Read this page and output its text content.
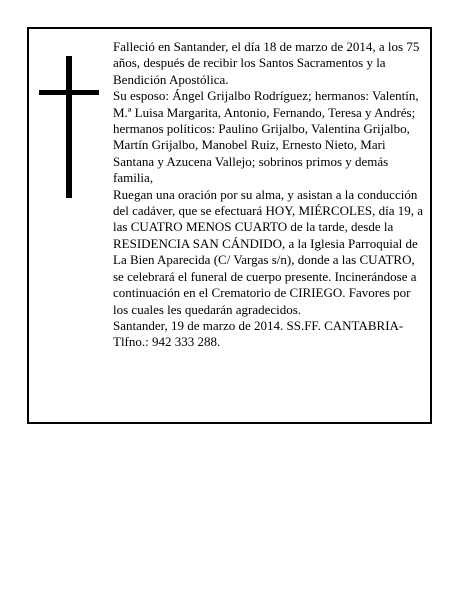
Falleció en Santander, el día 18 de marzo de 2014, a los 75 años, después de recibir los Santos Sacramentos y la Bendición Apostólica.

Su esposo: Ángel Grijalbo Rodríguez; hermanos: Valentín, M.ª Luisa Margarita, Antonio, Fernando, Teresa y Andrés; hermanos políticos: Paulino Grijalbo, Valentina Grijalbo, Martín Grijalbo, Manobel Ruiz, Ernesto Nieto, Mari Santana y Azucena Vallejo; sobrinos primos y demás familia,

Ruegan una oración por su alma, y asistan a la conducción del cadáver, que se efectuará HOY, MIÉRCOLES, día 19, a las CUATRO MENOS CUARTO de la tarde, desde la RESIDENCIA SAN CÁNDIDO, a la Iglesia Parroquial de La Bien Aparecida (C/ Vargas s/n), donde a las CUATRO, se celebrará el funeral de cuerpo presente. Incinerándose a continuación en el Crematorio de CIRIEGO. Favores por los cuales les quedarán agradecidos.

Santander, 19 de marzo de 2014. SS.FF. CANTABRIA-Tlfno.: 942 333 288.
